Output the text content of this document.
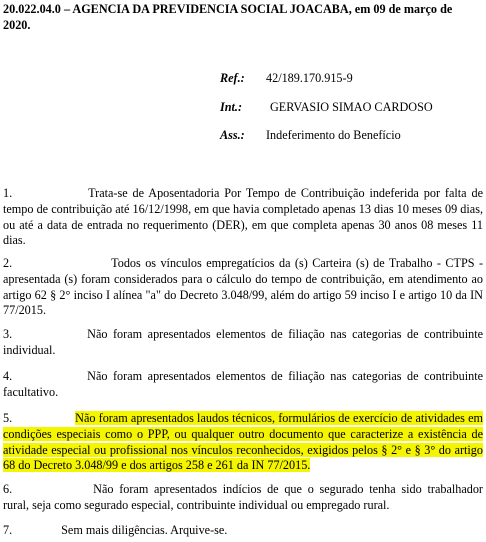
20.022.04.0 – AGENCIA DA PREVIDENCIA SOCIAL JOACABA, em 09 de março de 2020.
Ref.: 42/189.170.915-9
Int.: GERVASIO SIMAO CARDOSO
Ass.: Indeferimento do Benefício
1.	Trata-se de Aposentadoria Por Tempo de Contribuição indeferida por falta de tempo de contribuição até 16/12/1998, em que havia completado apenas 13 dias 10 meses 09 dias, ou até a data de entrada no requerimento (DER), em que completa apenas 30 anos 08 meses 11 dias.
2.	Todos os vínculos empregatícios da (s) Carteira (s) de Trabalho - CTPS - apresentada (s) foram considerados para o cálculo do tempo de contribuição, em atendimento ao artigo 62 § 2° inciso I alínea "a" do Decreto 3.048/99, além do artigo 59 inciso I e artigo 10 da IN 77/2015.
3.	Não foram apresentados elementos de filiação nas categorias de contribuinte individual.
4.	Não foram apresentados elementos de filiação nas categorias de contribuinte facultativo.
5.	Não foram apresentados laudos técnicos, formulários de exercício de atividades em condições especiais como o PPP, ou qualquer outro documento que caracterize a existência de atividade especial ou profissional nos vínculos reconhecidos, exigidos pelos § 2° e § 3° do artigo 68 do Decreto 3.048/99 e dos artigos 258 e 261 da IN 77/2015.
6.	Não foram apresentados indícios de que o segurado tenha sido trabalhador rural, seja como segurado especial, contribuinte individual ou empregado rural.
7.	Sem mais diligências. Arquive-se.
